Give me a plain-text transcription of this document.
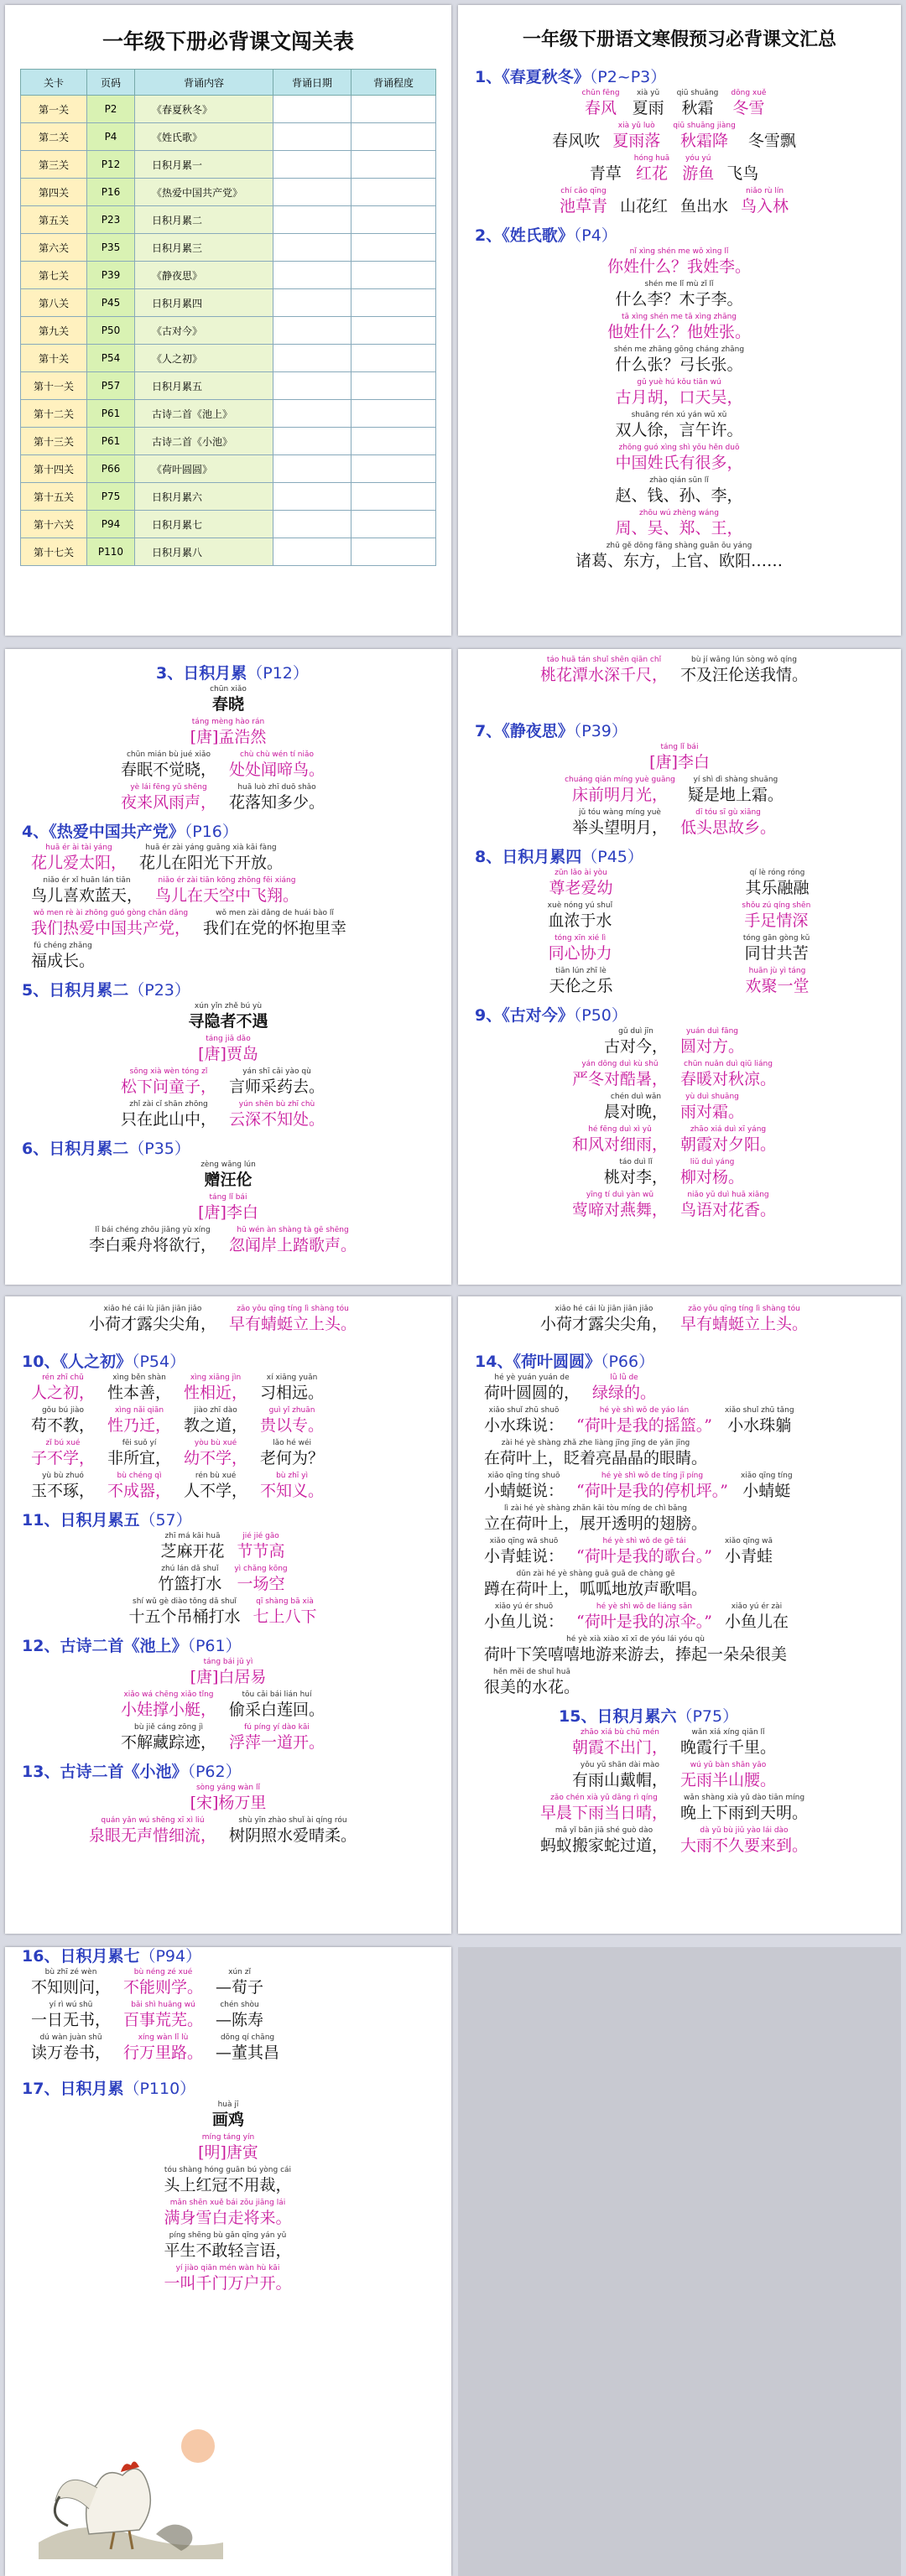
一年级下册必背课文闯关表
关卡	页码	背诵内容	背诵日期	背诵程度
第一关	P2	《春夏秋冬》		
第二关	P4	《姓氏歌》		
第三关	P12	日积月累一		
第四关	P16	《热爱中国共产党》		
第五关	P23	日积月累二		
第六关	P35	日积月累三		
第七关	P39	《静夜思》		
第八关	P45	日积月累四		
第九关	P50	《古对今》		
第十关	P54	《人之初》		
第十一关	P57	日积月累五		
第十二关	P61	古诗二首《池上》		
第十三关	P61	古诗二首《小池》		
第十四关	P66	《荷叶圆圆》		
第十五关	P75	日积月累六		
第十六关	P94	日积月累七		
第十七关	P110	日积月累八		
一年级下册语文寒假预习必背课文汇总
1、《春夏秋冬》（P2~P3）
chūn fēng
春风
xià yǔ
夏雨
qiū shuāng
秋霜
dōng xuě
冬雪
春风吹
xià yǔ luò
夏雨落
qiū shuāng jiàng
秋霜降 冬雪飘
青草
hóng huā
红花
yóu yú
游鱼 飞鸟
chí cǎo qīng
池草青 山花红 鱼出水
niǎo rù lín
鸟入林
2、《姓氏歌》（P4）
nǐ xìng shén me wǒ xìng lǐ
你姓什么？我姓李。
shén me lǐ mù zǐ lǐ
什么李？木子李。
tā xìng shén me tā xìng zhāng
他姓什么？他姓张。
shén me zhāng gōng cháng zhāng
什么张？弓长张。
gǔ yuè hú kǒu tiān wú
古月胡，口天吴，
shuāng rén xú yán wǔ xǔ
双人徐，言午许。
zhōng guó xìng shì yǒu hěn duō
中国姓氏有很多，
zhào qián sūn lǐ
赵、钱、孙、李，
zhōu wú zhèng wáng
周、吴、郑、王，
zhū gě dōng fāng shàng guān ōu yáng
诸葛、东方，上官、欧阳……
3、日积月累（P12）
chūn xiǎo
春晓
táng mèng hào rán
[唐]孟浩然
chūn mián bù jué xiǎo
春眠不觉晓，
chù chù wén tí niǎo
处处闻啼鸟。
yè lái fēng yǔ shēng
夜来风雨声，
huā luò zhī duō shǎo
花落知多少。
4、《热爱中国共产党》（P16）
huā ér ài tài yáng
花儿爱太阳，
huā ér zài yáng guāng xià kāi fàng
花儿在阳光下开放。
niǎo ér xǐ huān lán tiān
鸟儿喜欢蓝天，
niǎo ér zài tiān kōng zhōng fēi xiáng
鸟儿在天空中飞翔。
wǒ men rè ài zhōng guó gòng chǎn dǎng
我们热爱中国共产党，
wǒ men zài dǎng de huái bào lǐ
我们在党的怀抱里幸
fú chéng zhǎng
福成长。
5、日积月累二（P23）
xún yǐn zhě bú yù
寻隐者不遇
táng jiǎ dǎo
[唐]贾岛
sōng xià wèn tóng zǐ
松下问童子，
yán shī cǎi yào qù
言师采药去。
zhǐ zài cǐ shān zhōng
只在此山中，
yún shēn bù zhī chù
云深不知处。
6、日积月累二（P35）
zèng wāng lún
赠汪伦
táng lǐ bái
[唐]李白
lǐ bái chéng zhōu jiāng yù xíng
李白乘舟将欲行，
hū wén àn shàng tà gē shēng
忽闻岸上踏歌声。
táo huā tán shuǐ shēn qiān chǐ
桃花潭水深千尺，
bù jí wāng lún sòng wǒ qíng
不及汪伦送我情。
7、《静夜思》（P39）
táng lǐ bái
[唐]李白
chuáng qián míng yuè guāng
床前明月光，
yí shì dì shàng shuāng
疑是地上霜。
jǔ tóu wàng míng yuè
举头望明月，
dī tóu sī gù xiāng
低头思故乡。
8、日积月累四（P45）
zūn lǎo ài yòu
尊老爱幼
qí lè róng róng
其乐融融
xuè nóng yú shuǐ
血浓于水
shǒu zú qíng shēn
手足情深
tóng xīn xié lì
同心协力
tóng gān gòng kǔ
同甘共苦
tiān lún zhī lè
天伦之乐
huān jù yì táng
欢聚一堂
9、《古对今》（P50）
gǔ duì jīn
古对今，
yuán duì fāng
圆对方。
yán dōng duì kù shǔ
严冬对酷暑，
chūn nuǎn duì qiū liáng
春暖对秋凉。
chén duì wǎn
晨对晚，
yù duì shuāng
雨对霜。
hé fēng duì xì yǔ
和风对细雨，
zhāo xiá duì xī yáng
朝霞对夕阳。
táo duì lǐ
桃对李，
liǔ duì yáng
柳对杨。
yīng tí duì yàn wǔ
莺啼对燕舞，
niǎo yǔ duì huā xiāng
鸟语对花香。
xiǎo hé cái lù jiān jiān jiǎo
小荷才露尖尖角，
zǎo yǒu qīng tíng lì shàng tóu
早有蜻蜓立上头。
10、《人之初》（P54）
rén zhī chū
人之初，
xìng běn shàn
性本善，
xìng xiāng jìn
性相近，
xí xiāng yuǎn
习相远。
gǒu bú jiào
苟不教，
xìng nǎi qiān
性乃迁，
jiào zhī dào
教之道，
guì yǐ zhuān
贵以专。
zǐ bú xué
子不学，
fēi suǒ yí
非所宜，
yòu bù xué
幼不学，
lǎo hé wéi
老何为？
yù bù zhuó
玉不琢，
bù chéng qì
不成器，
rén bù xué
人不学，
bù zhī yì
不知义。
11、日积月累五（57）
zhī má kāi huā
芝麻开花
jié jié gāo
节节高
zhú lán dǎ shuǐ
竹篮打水
yì chǎng kōng
一场空
shí wǔ gè diào tǒng dǎ shuǐ
十五个吊桶打水
qī shàng bā xià
七上八下
12、古诗二首《池上》（P61）
táng bái jū yì
[唐]白居易
xiǎo wá chēng xiǎo tǐng
小娃撑小艇，
tōu cǎi bái lián huí
偷采白莲回。
bù jiě cáng zōng jì
不解藏踪迹，
fú píng yí dào kāi
浮萍一道开。
13、古诗二首《小池》（P62）
sòng yáng wàn lǐ
[宋]杨万里
quán yǎn wú shēng xī xì liú
泉眼无声惜细流，
shù yīn zhào shuǐ ài qíng róu
树阴照水爱晴柔。
xiǎo hé cái lù jiān jiān jiǎo
小荷才露尖尖角，
zǎo yǒu qīng tíng lì shàng tóu
早有蜻蜓立上头。
14、《荷叶圆圆》（P66）
hé yè yuán yuán de
荷叶圆圆的，
lǜ lǜ de
绿绿的。
xiǎo shuǐ zhū shuō
小水珠说：
hé yè shì wǒ de yáo lán
“荷叶是我的摇篮。”
xiǎo shuǐ zhū tǎng
小水珠躺
zài hé yè shàng zhǎ zhe liàng jīng jīng de yǎn jīng
在荷叶上，眨着亮晶晶的眼睛。
xiǎo qīng tíng shuō
小蜻蜓说：
hé yè shì wǒ de tíng jī píng
“荷叶是我的停机坪。”
xiǎo qīng tíng
小蜻蜓
lì zài hé yè shàng zhǎn kāi tòu míng de chì bǎng
立在荷叶上，展开透明的翅膀。
xiǎo qīng wā shuō
小青蛙说：
hé yè shì wǒ de gē tái
“荷叶是我的歌台。”
xiǎo qīng wā
小青蛙
dūn zài hé yè shàng guā guā de chàng gē
蹲在荷叶上，呱呱地放声歌唱。
xiǎo yú ér shuō
小鱼儿说：
hé yè shì wǒ de liáng sǎn
“荷叶是我的凉伞。”
xiǎo yú ér zài
小鱼儿在
hé yè xià xiào xī xī de yóu lái yóu qù
荷叶下笑嘻嘻地游来游去，捧起一朵朵很美
hěn měi de shuǐ huā
很美的水花。
15、日积月累六（P75）
zhāo xiá bù chū mén
朝霞不出门，
wǎn xiá xíng qiān lǐ
晚霞行千里。
yǒu yǔ shān dài mào
有雨山戴帽，
wú yǔ bàn shān yāo
无雨半山腰。
zǎo chén xià yǔ dāng rì qíng
早晨下雨当日晴，
wǎn shàng xià yǔ dào tiān míng
晚上下雨到天明。
mǎ yǐ bān jiā shé guò dào
蚂蚁搬家蛇过道，
dà yǔ bù jiǔ yào lái dào
大雨不久要来到。
16、日积月累七（P94）
bù zhī zé wèn
不知则问，
bù néng zé xué
不能则学。
xún zǐ
—荀子
yí rì wú shū
一日无书，
bǎi shì huāng wú
百事荒芜。
chén shòu
—陈寿
dú wàn juàn shū
读万卷书，
xíng wàn lǐ lù
行万里路。
dǒng qí chāng
—董其昌
17、日积月累（P110）
huà jī
画鸡
míng táng yín
[明]唐寅
tóu shàng hóng guān bú yòng cái
头上红冠不用裁，
mǎn shēn xuě bái zǒu jiāng lái
满身雪白走将来。
píng shēng bù gǎn qīng yán yǔ
平生不敢轻言语，
yí jiào qiān mén wàn hù kāi
一叫千门万户开。
